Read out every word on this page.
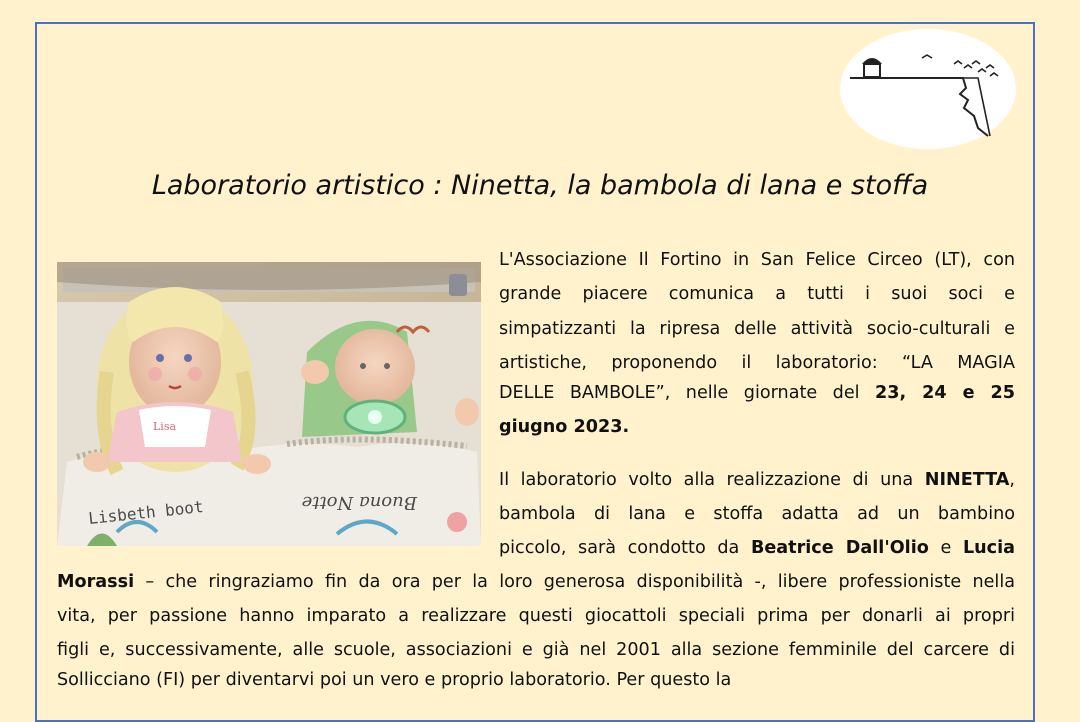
Laboratorio artistico : Ninetta, la bambola di lana e stoffa
Lisa
Lisbeth boot	Buona Notte
L'Associazione Il Fortino in San Felice Circeo (LT), con
grande piacere comunica a tutti i suoi soci e
simpatizzanti la ripresa delle attività socio-culturali e
artistiche, proponendo il laboratorio: “LA MAGIA
DELLE BAMBOLE”, nelle giornate del 23, 24 e 25
giugno 2023.
Il laboratorio volto alla realizzazione di una NINETTA,
bambola di lana e stoffa adatta ad un bambino
piccolo, sarà condotto da Beatrice Dall'Olio e Lucia
Morassi – che ringraziamo fin da ora per la loro generosa disponibilità -, libere professioniste nella
vita, per passione hanno imparato a realizzare questi giocattoli speciali prima per donarli ai propri
figli e, successivamente, alle scuole, associazioni e già nel 2001 alla sezione femminile del carcere di
Sollicciano (FI) per diventarvi poi un vero e proprio laboratorio. Per questo la
